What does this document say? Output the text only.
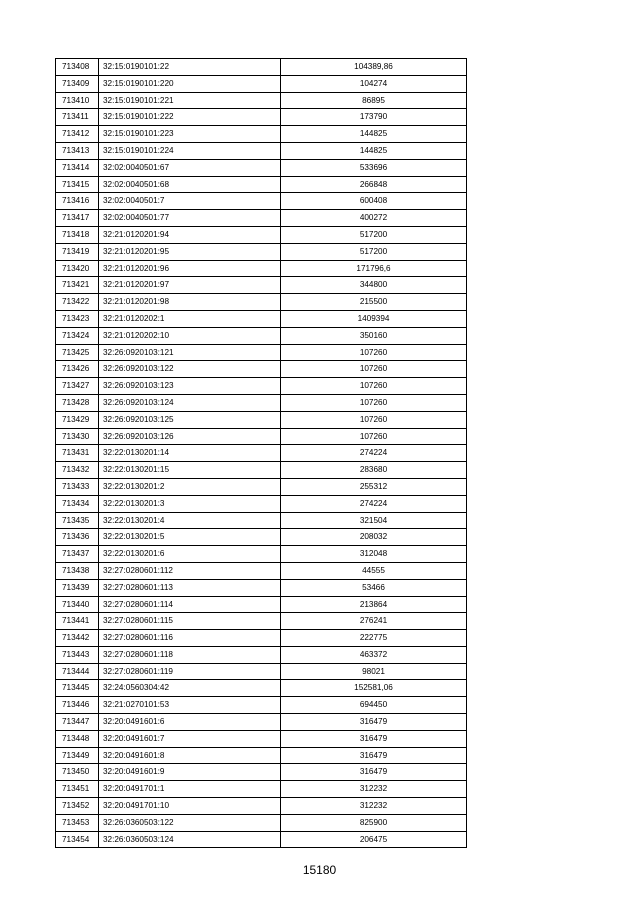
713408	32:15:0190101:22	104389,86
713409	32:15:0190101:220	104274
713410	32:15:0190101:221	86895
713411	32:15:0190101:222	173790
713412	32:15:0190101:223	144825
713413	32:15:0190101:224	144825
713414	32:02:0040501:67	533696
713415	32:02:0040501:68	266848
713416	32:02:0040501:7	600408
713417	32:02:0040501:77	400272
713418	32:21:0120201:94	517200
713419	32:21:0120201:95	517200
713420	32:21:0120201:96	171796,6
713421	32:21:0120201:97	344800
713422	32:21:0120201:98	215500
713423	32:21:0120202:1	1409394
713424	32:21:0120202:10	350160
713425	32:26:0920103:121	107260
713426	32:26:0920103:122	107260
713427	32:26:0920103:123	107260
713428	32:26:0920103:124	107260
713429	32:26:0920103:125	107260
713430	32:26:0920103:126	107260
713431	32:22:0130201:14	274224
713432	32:22:0130201:15	283680
713433	32:22:0130201:2	255312
713434	32:22:0130201:3	274224
713435	32:22:0130201:4	321504
713436	32:22:0130201:5	208032
713437	32:22:0130201:6	312048
713438	32:27:0280601:112	44555
713439	32:27:0280601:113	53466
713440	32:27:0280601:114	213864
713441	32:27:0280601:115	276241
713442	32:27:0280601:116	222775
713443	32:27:0280601:118	463372
713444	32:27:0280601:119	98021
713445	32:24:0560304:42	152581,06
713446	32:21:0270101:53	694450
713447	32:20:0491601:6	316479
713448	32:20:0491601:7	316479
713449	32:20:0491601:8	316479
713450	32:20:0491601:9	316479
713451	32:20:0491701:1	312232
713452	32:20:0491701:10	312232
713453	32:26:0360503:122	825900
713454	32:26:0360503:124	206475
15180
